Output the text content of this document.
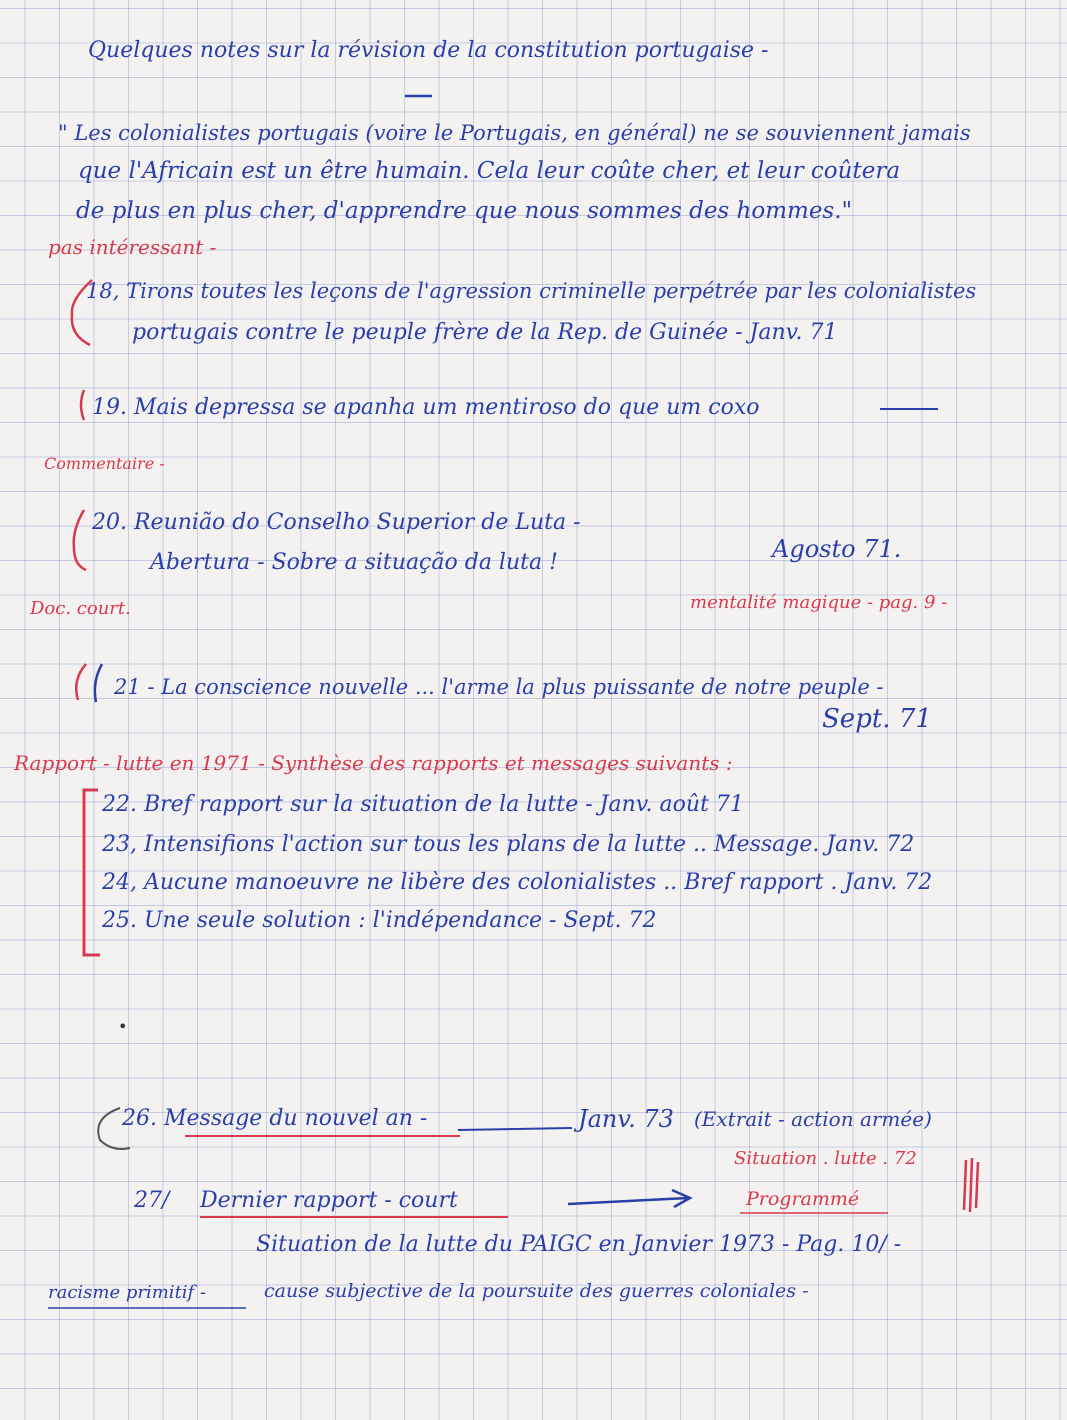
Quelques notes sur la révision de la constitution portugaise -
" Les colonialistes portugais (voire le Portugais, en général) ne se souviennent jamais
que l'Africain est un être humain. Cela leur coûte cher, et leur coûtera
de plus en plus cher, d'apprendre que nous sommes des hommes."
pas intéressant -
18, Tirons toutes les leçons de l'agression criminelle perpétrée par les colonialistes
portugais contre le peuple frère de la Rep. de Guinée - Janv. 71
19. Mais depressa se apanha um mentiroso do que um coxo
Commentaire -
20. Reunião do Conselho Superior de Luta -
Abertura - Sobre a situação da luta !	Agosto 71.
Doc. court.	mentalité magique - pag. 9 -
21 - La conscience nouvelle ... l'arme la plus puissante de notre peuple -
Sept. 71
Rapport - lutte en 1971 - Synthèse des rapports et messages suivants :
22. Bref rapport sur la situation de la lutte - Janv. août 71
23, Intensifions l'action sur tous les plans de la lutte .. Message. Janv. 72
24, Aucune manoeuvre ne libère des colonialistes .. Bref rapport . Janv. 72
25. Une seule solution : l'indépendance - Sept. 72
•
26. Message du nouvel an -	Janv. 73 (Extrait - action armée)
Situation . lutte . 72
27/ Dernier rapport - court	Programmé
Situation de la lutte du PAIGC en Janvier 1973 - Pag. 10/ -
racisme primitif -	cause subjective de la poursuite des guerres coloniales -
